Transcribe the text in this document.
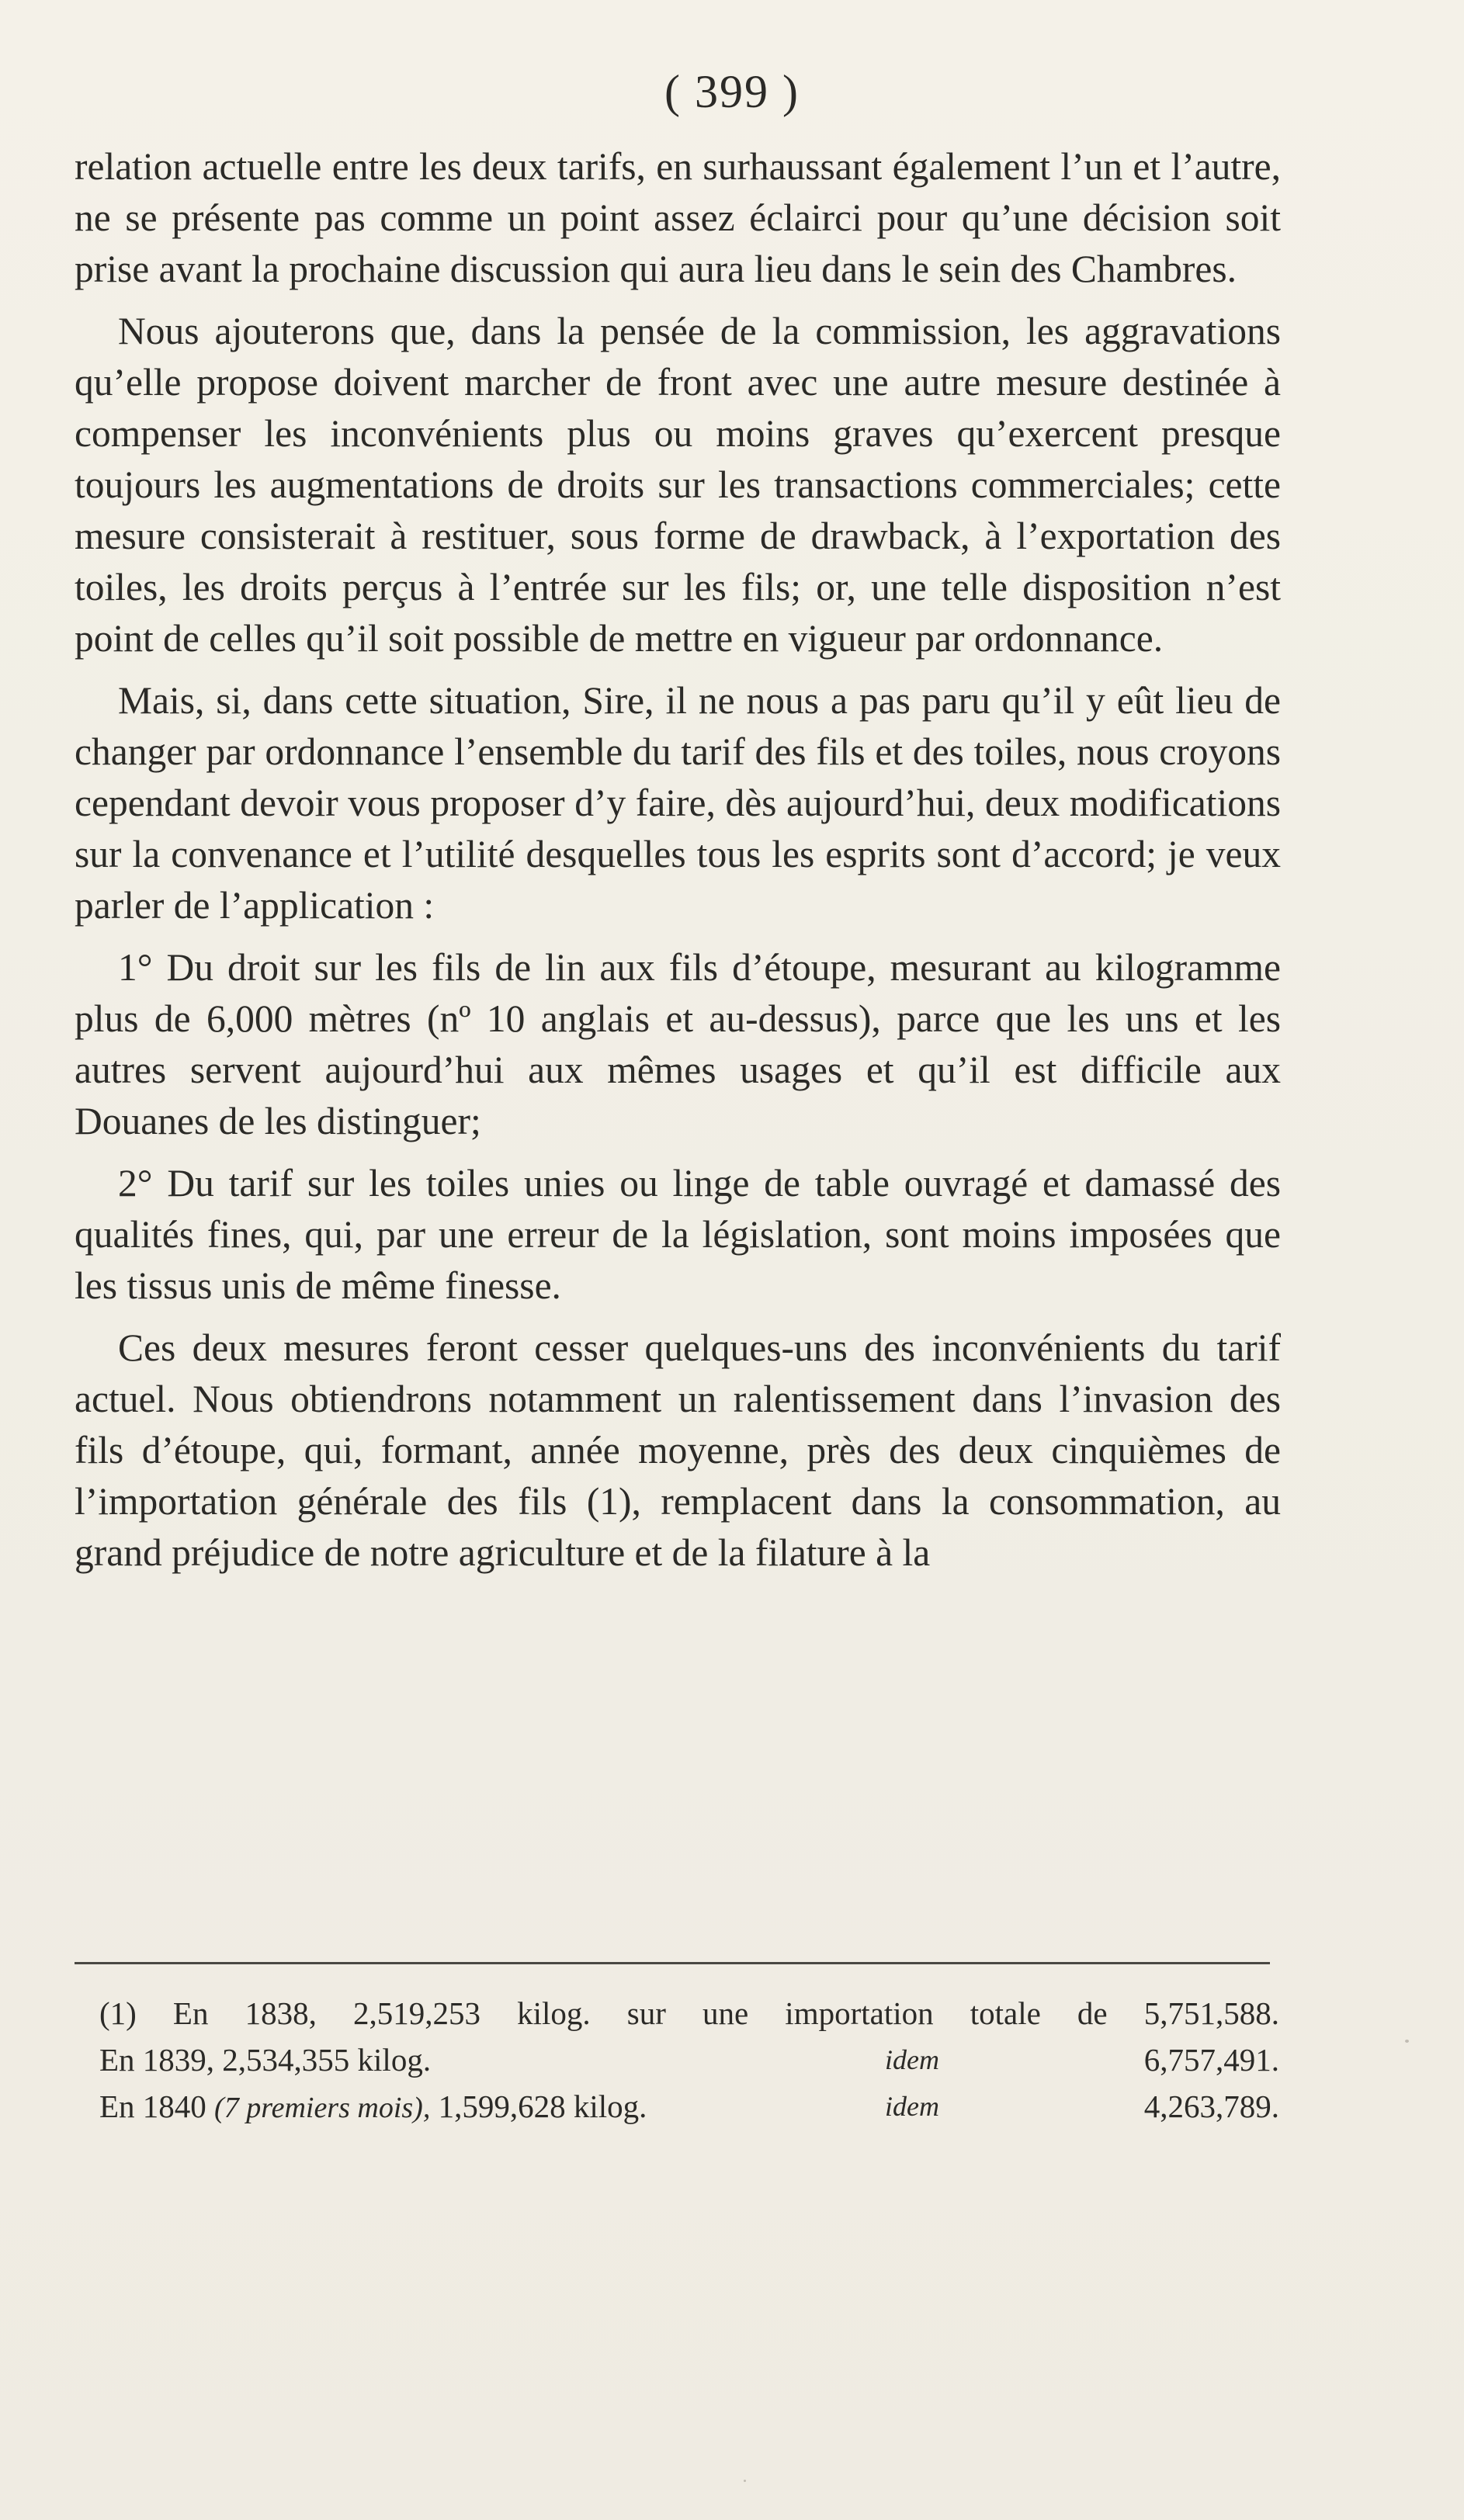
( 399 )

relation actuelle entre les deux tarifs, en surhaussant également l’un et l’autre, ne se présente pas comme un point assez éclairci pour qu’une décision soit prise avant la prochaine discussion qui aura lieu dans le sein des Chambres.

Nous ajouterons que, dans la pensée de la commission, les aggravations qu’elle propose doivent marcher de front avec une autre mesure destinée à compenser les inconvénients plus ou moins graves qu’exercent presque toujours les augmentations de droits sur les transactions commerciales; cette mesure consisterait à restituer, sous forme de drawback, à l’exportation des toiles, les droits perçus à l’entrée sur les fils; or, une telle disposition n’est point de celles qu’il soit possible de mettre en vigueur par ordonnance.

Mais, si, dans cette situation, Sire, il ne nous a pas paru qu’il y eût lieu de changer par ordonnance l’ensemble du tarif des fils et des toiles, nous croyons cependant devoir vous proposer d’y faire, dès aujourd’hui, deux modifications sur la convenance et l’utilité desquelles tous les esprits sont d’accord; je veux parler de l’application :

1° Du droit sur les fils de lin aux fils d’étoupe, mesurant au kilogramme plus de 6,000 mètres (nº 10 anglais et au-dessus), parce que les uns et les autres servent aujourd’hui aux mêmes usages et qu’il est difficile aux Douanes de les distinguer;

2° Du tarif sur les toiles unies ou linge de table ouvragé et damassé des qualités fines, qui, par une erreur de la législation, sont moins imposées que les tissus unis de même finesse.

Ces deux mesures feront cesser quelques-uns des inconvénients du tarif actuel. Nous obtiendrons notamment un ralentissement dans l’invasion des fils d’étoupe, qui, formant, année moyenne, près des deux cinquièmes de l’importation générale des fils (1), remplacent dans la consommation, au grand préjudice de notre agriculture et de la filature à la

(1) En 1838, 2,519,253 kilog. sur une importation totale de 5,751,588.
En 1839, 2,534,355 kilog.	idem	6,757,491.
En 1840 (7 premiers mois), 1,599,628 kilog.	idem	4,263,789.
